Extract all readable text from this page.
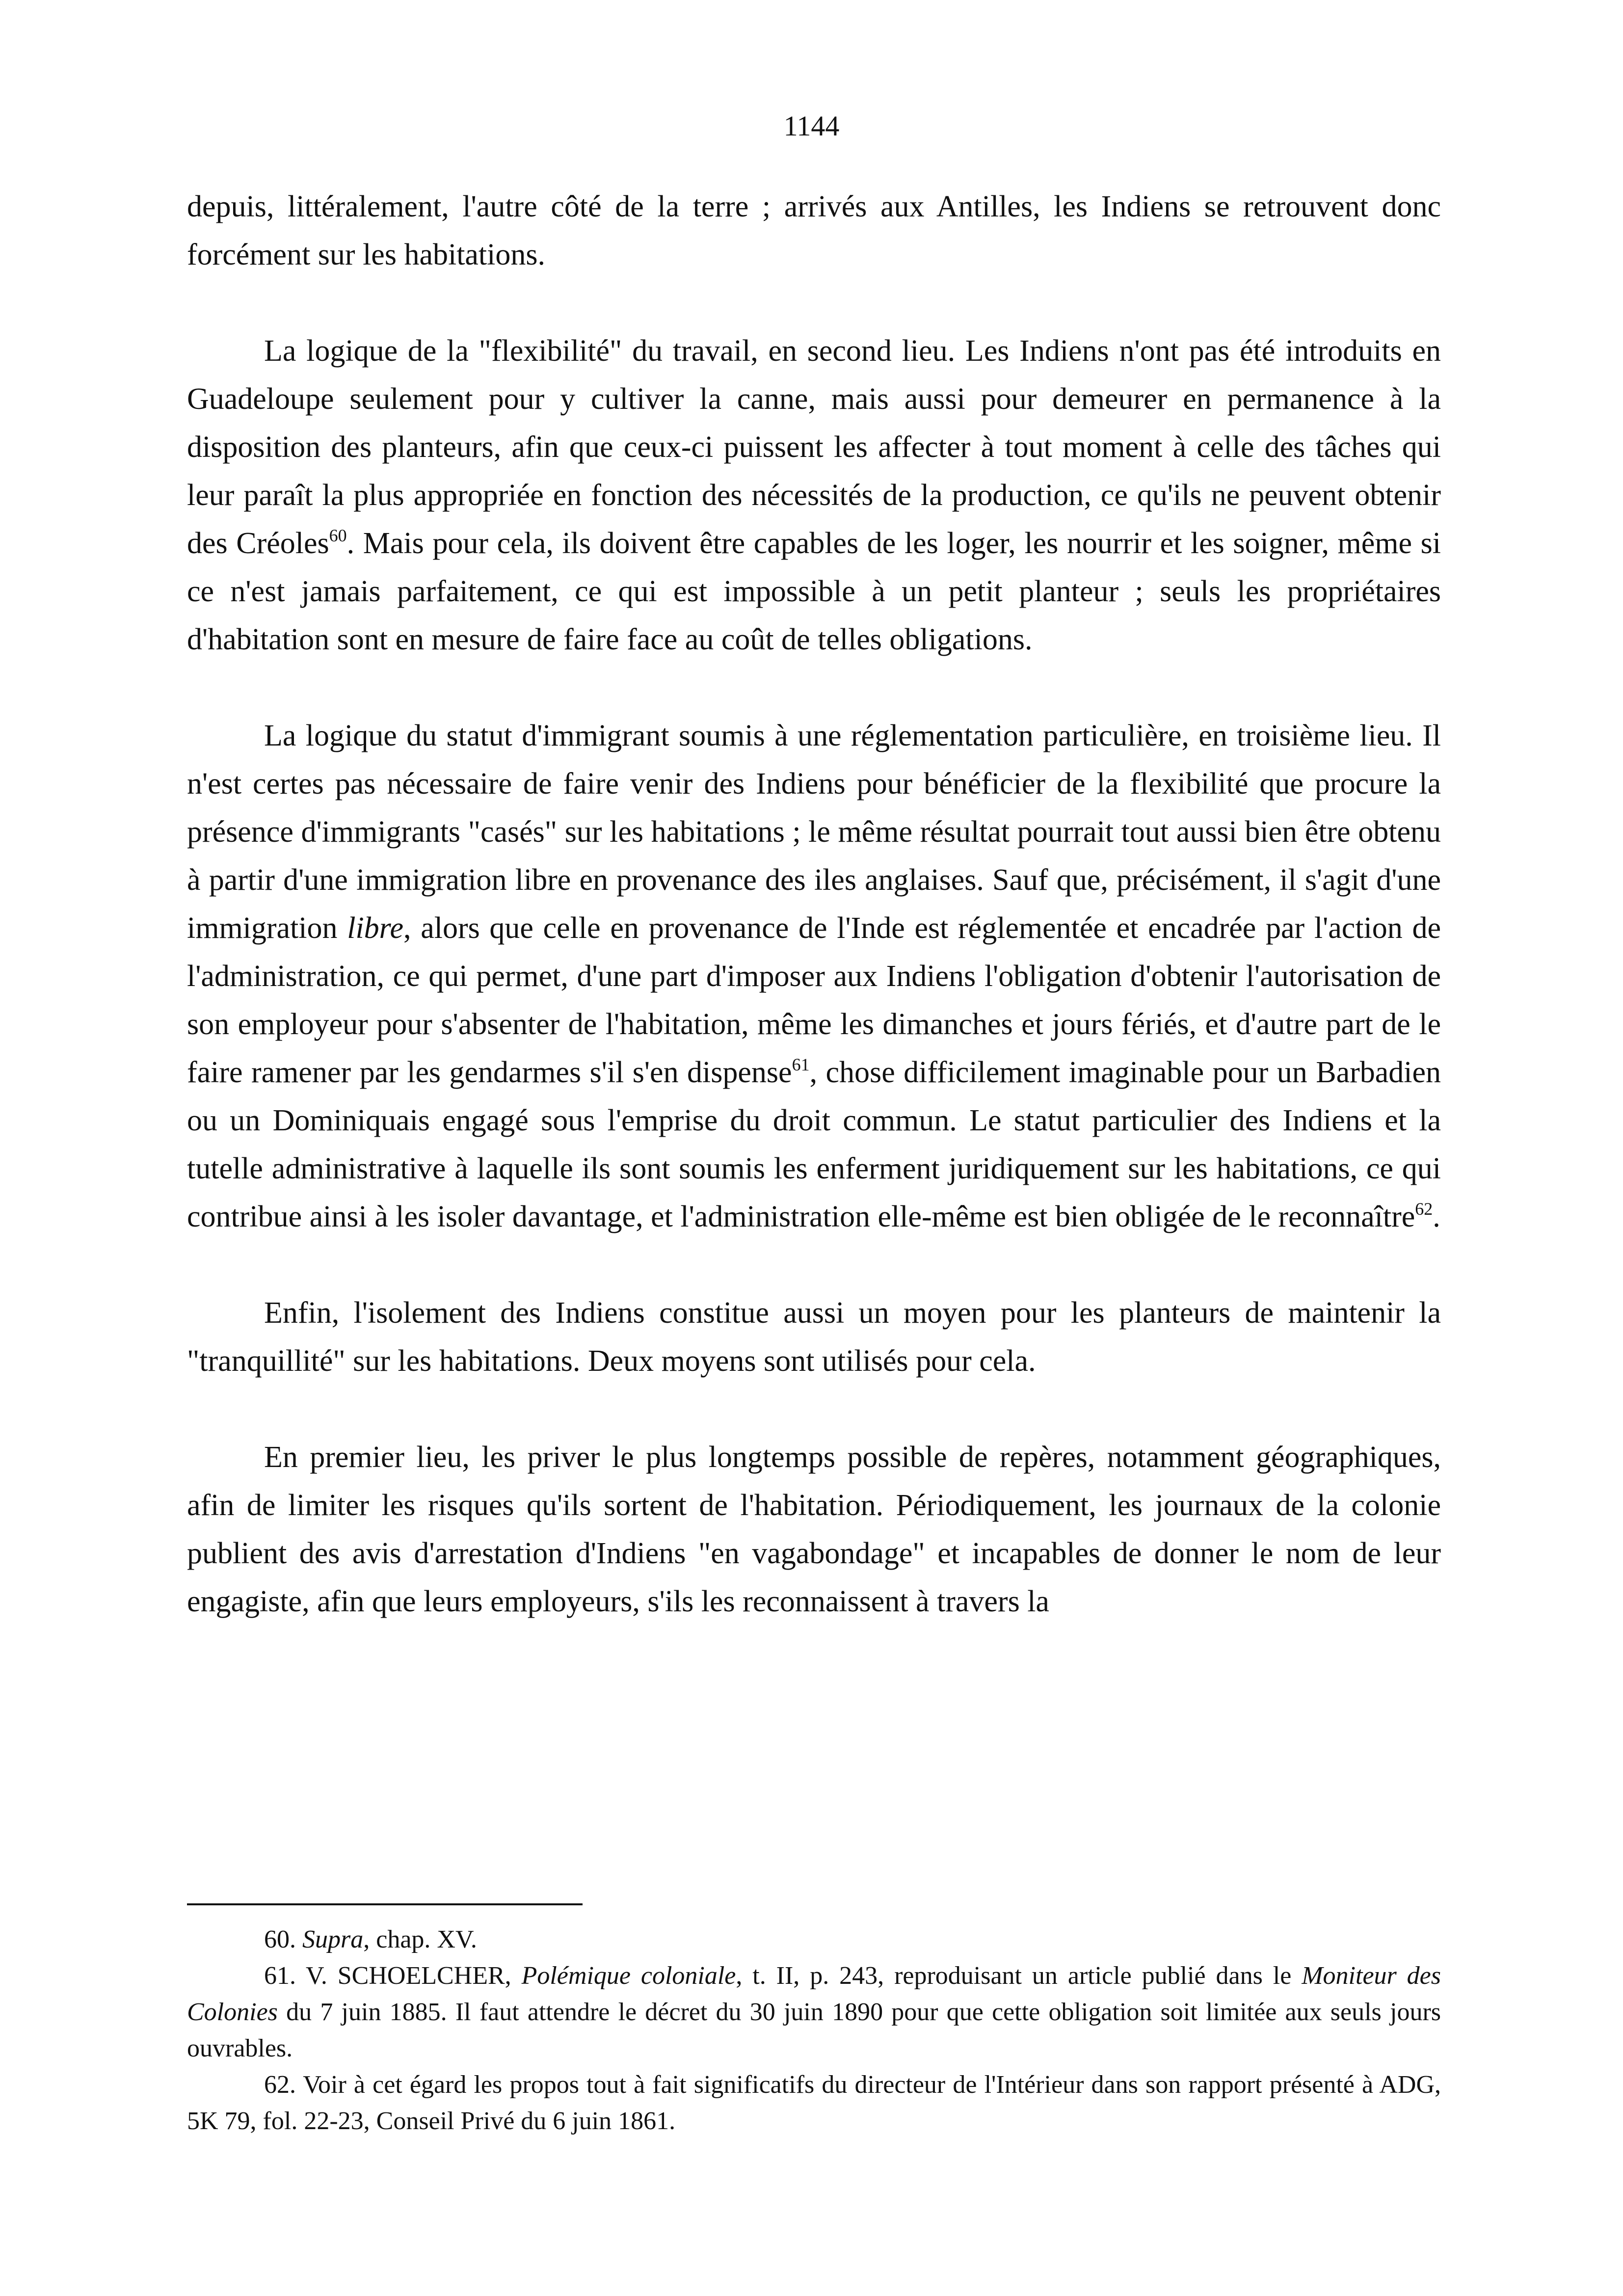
1144

depuis, littéralement, l'autre côté de la terre ; arrivés aux Antilles, les Indiens se retrouvent donc forcément sur les habitations.

La logique de la "flexibilité" du travail, en second lieu. Les Indiens n'ont pas été introduits en Guadeloupe seulement pour y cultiver la canne, mais aussi pour demeurer en permanence à la disposition des planteurs, afin que ceux-ci puissent les affecter à tout moment à celle des tâches qui leur paraît la plus appropriée en fonction des nécessités de la production, ce qu'ils ne peuvent obtenir des Créoles$^{60}$. Mais pour cela, ils doivent être capables de les loger, les nourrir et les soigner, même si ce n'est jamais parfaitement, ce qui est impossible à un petit planteur ; seuls les propriétaires d'habitation sont en mesure de faire face au coût de telles obligations.

La logique du statut d'immigrant soumis à une réglementation particulière, en troisième lieu. Il n'est certes pas nécessaire de faire venir des Indiens pour bénéficier de la flexibilité que procure la présence d'immigrants "casés" sur les habitations ; le même résultat pourrait tout aussi bien être obtenu à partir d'une immigration libre en provenance des iles anglaises. Sauf que, précisément, il s'agit d'une immigration libre, alors que celle en provenance de l'Inde est réglementée et encadrée par l'action de l'administration, ce qui permet, d'une part d'imposer aux Indiens l'obligation d'obtenir l'autorisation de son employeur pour s'absenter de l'habitation, même les dimanches et jours fériés, et d'autre part de le faire ramener par les gendarmes s'il s'en dispense$^{61}$, chose difficilement imaginable pour un Barbadien ou un Dominiquais engagé sous l'emprise du droit commun. Le statut particulier des Indiens et la tutelle administrative à laquelle ils sont soumis les enferment juridiquement sur les habitations, ce qui contribue ainsi à les isoler davantage, et l'administration elle-même est bien obligée de le reconnaître$^{62}$.

Enfin, l'isolement des Indiens constitue aussi un moyen pour les planteurs de maintenir la "tranquillité" sur les habitations. Deux moyens sont utilisés pour cela.

En premier lieu, les priver le plus longtemps possible de repères, notamment géographiques, afin de limiter les risques qu'ils sortent de l'habitation. Périodiquement, les journaux de la colonie publient des avis d'arrestation d'Indiens "en vagabondage" et incapables de donner le nom de leur engagiste, afin que leurs employeurs, s'ils les reconnaissent à travers la

60. Supra, chap. XV.

61. V. SCHOELCHER, Polémique coloniale, t. II, p. 243, reproduisant un article publié dans le Moniteur des Colonies du 7 juin 1885. Il faut attendre le décret du 30 juin 1890 pour que cette obligation soit limitée aux seuls jours ouvrables.

62. Voir à cet égard les propos tout à fait significatifs du directeur de l'Intérieur dans son rapport présenté à ADG, 5K 79, fol. 22-23, Conseil Privé du 6 juin 1861.
